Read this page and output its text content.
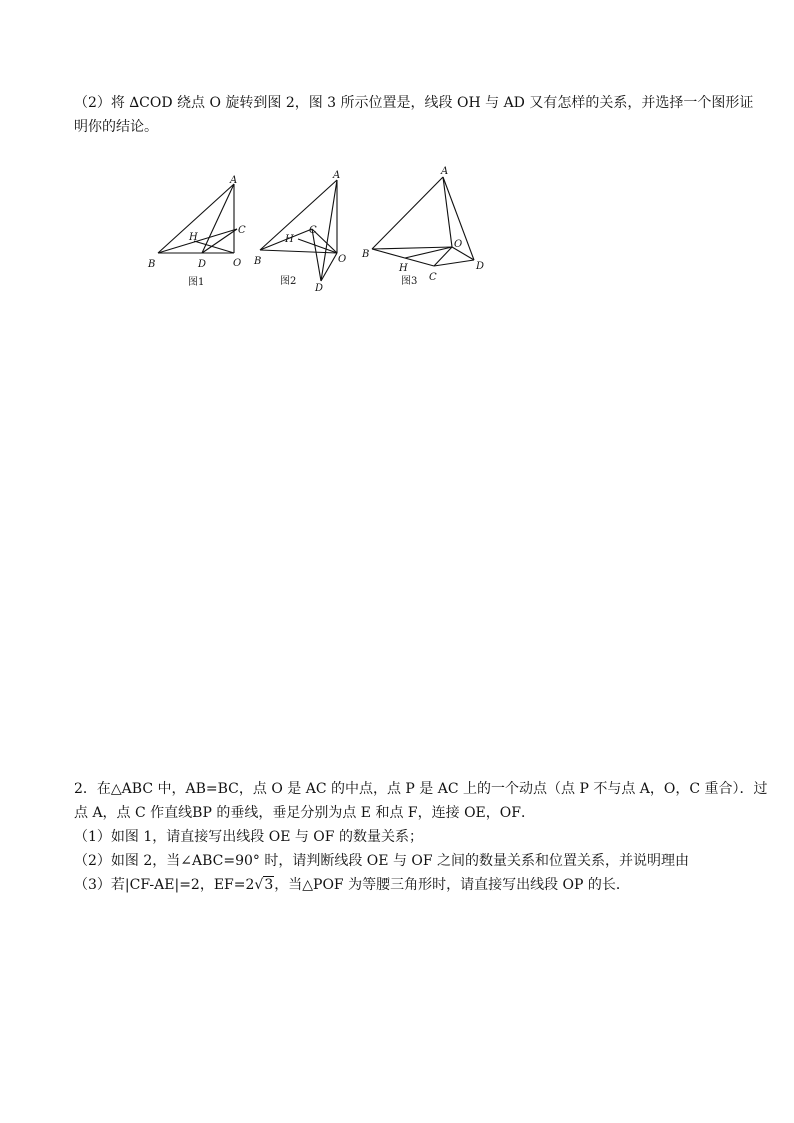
（2）将 ∆COD 绕点 O 旋转到图 2，图 3 所示位置是，线段 OH 与 AD 又有怎样的关系，并选择一个图形证
明你的结论。
A
B
C
D
H
O
图1
A
B
C
D
H
O
图2
A
B
C
D
H
O
图3
2．在△ABC 中，AB=BC，点 O 是 AC 的中点，点 P 是 AC 上的一个动点（点 P 不与点 A，O，C 重合）．过
点 A，点 C 作直线BP 的垂线，垂足分别为点 E 和点 F，连接 OE，OF．
（1）如图 1，请直接写出线段 OE 与 OF 的数量关系；
（2）如图 2，当∠ABC=90° 时，请判断线段 OE 与 OF 之间的数量关系和位置关系，并说明理由
（3）若|CF-AE|=2，EF=2√3，当△POF 为等腰三角形时，请直接写出线段 OP 的长．
